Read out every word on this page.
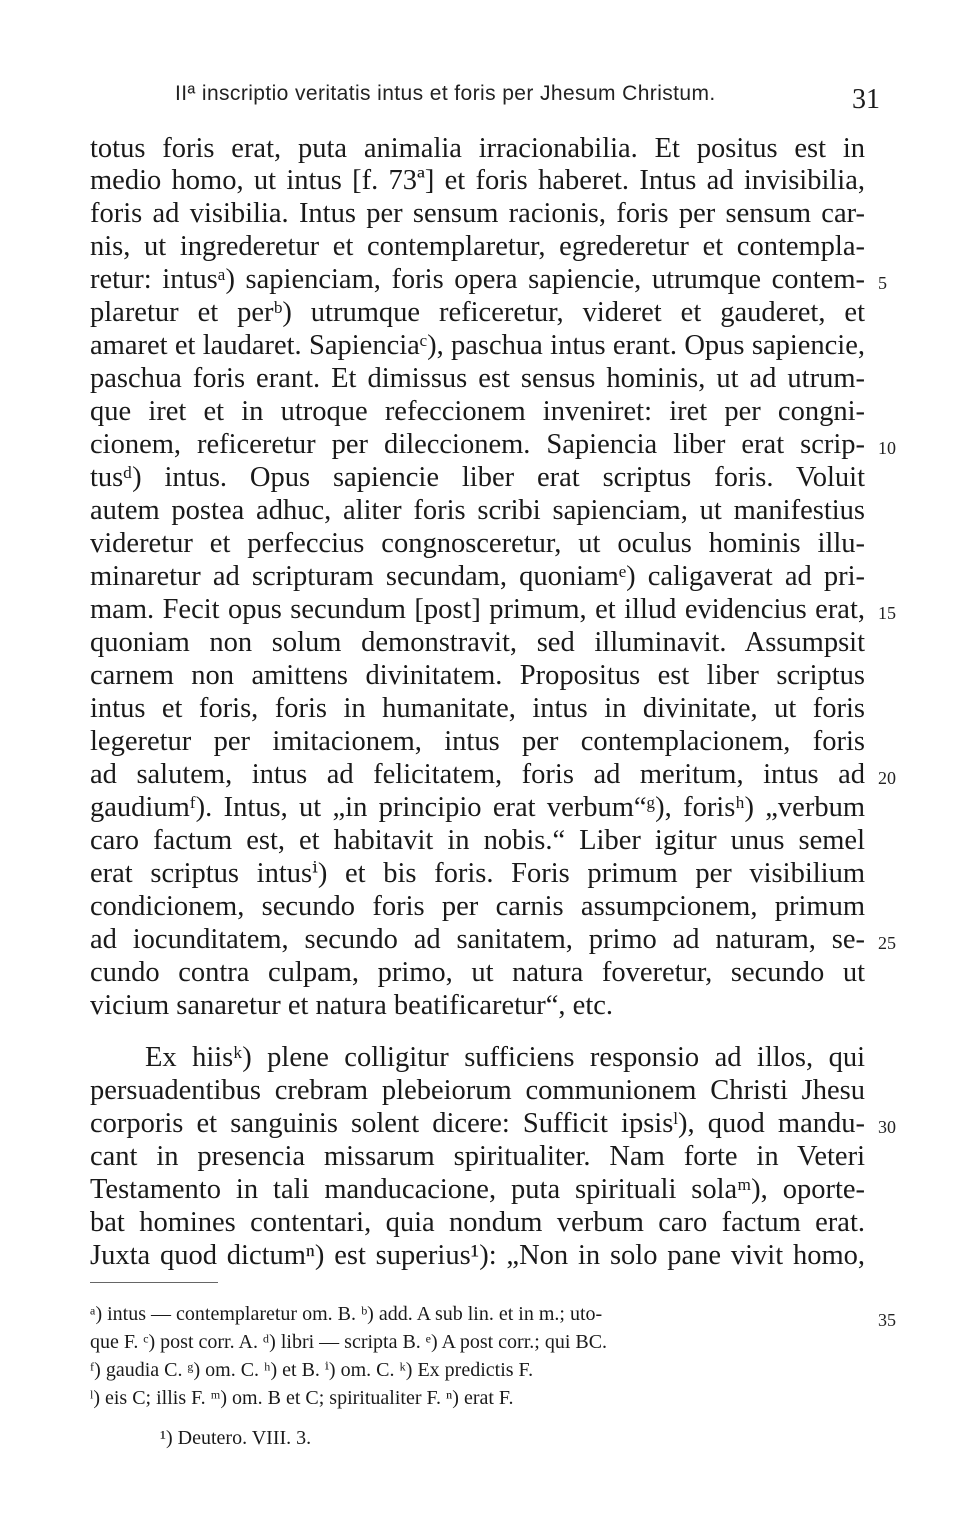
IIª inscriptio veritatis intus et foris per Jhesum Christum.	31
totus foris erat, puta animalia irracionabilia. Et positus est in
medio homo, ut intus [f. 73ª] et foris haberet. Intus ad invisibilia,
foris ad visibilia. Intus per sensum racionis, foris per sensum car-
nis, ut ingrederetur et contemplaretur, egrederetur et contempla-
retur: intusᵃ) sapienciam, foris opera sapiencie, utrumque contem-
plaretur et perᵇ) utrumque reficeretur, videret et gauderet, et
amaret et laudaret. Sapienciaᶜ), paschua intus erant. Opus sapiencie,
paschua foris erant. Et dimissus est sensus hominis, ut ad utrum-
que iret et in utroque refeccionem inveniret: iret per congni-
cionem, reficeretur per dileccionem. Sapiencia liber erat scrip-
tusᵈ) intus. Opus sapiencie liber erat scriptus foris. Voluit
autem postea adhuc, aliter foris scribi sapienciam, ut manifestius
videretur et perfeccius congnosceretur, ut oculus hominis illu-
minaretur ad scripturam secundam, quoniamᵉ) caligaverat ad pri-
mam. Fecit opus secundum [post] primum, et illud evidencius erat,
quoniam non solum demonstravit, sed illuminavit. Assumpsit
carnem non amittens divinitatem. Propositus est liber scriptus
intus et foris, foris in humanitate, intus in divinitate, ut foris
legeretur per imitacionem, intus per contemplacionem, foris
ad salutem, intus ad felicitatem, foris ad meritum, intus ad
gaudiumᶠ). Intus, ut „in principio erat verbum“ᵍ), forisʰ) „verbum
caro factum est, et habitavit in nobis.“ Liber igitur unus semel
erat scriptus intusⁱ) et bis foris. Foris primum per visibilium
condicionem, secundo foris per carnis assumpcionem, primum
ad iocunditatem, secundo ad sanitatem, primo ad naturam, se-
cundo contra culpam, primo, ut natura foveretur, secundo ut
vicium sanaretur et natura beatificaretur“, etc.
Ex hiisᵏ) plene colligitur sufficiens responsio ad illos, qui
persuadentibus crebram plebeiorum communionem Christi Jhesu
corporis et sanguinis solent dicere: Sufficit ipsisˡ), quod mandu-
cant in presencia missarum spiritualiter. Nam forte in Veteri
Testamento in tali manducacione, puta spirituali solaᵐ), oporte-
bat homines contentari, quia nondum verbum caro factum erat.
Juxta quod dictumⁿ) est superius¹): „Non in solo pane vivit homo,
5
10
15
20
25
30
35
ᵃ) intus — contemplaretur om. B. ᵇ) add. A sub lin. et in m.; uto-
que F. ᶜ) post corr. A. ᵈ) libri — scripta B. ᵉ) A post corr.; qui BC.
ᶠ) gaudia C. ᵍ) om. C. ʰ) et B. ⁱ) om. C. ᵏ) Ex predictis F.
ˡ) eis C; illis F. ᵐ) om. B et C; spiritualiter F. ⁿ) erat F.
¹) Deutero. VIII. 3.
